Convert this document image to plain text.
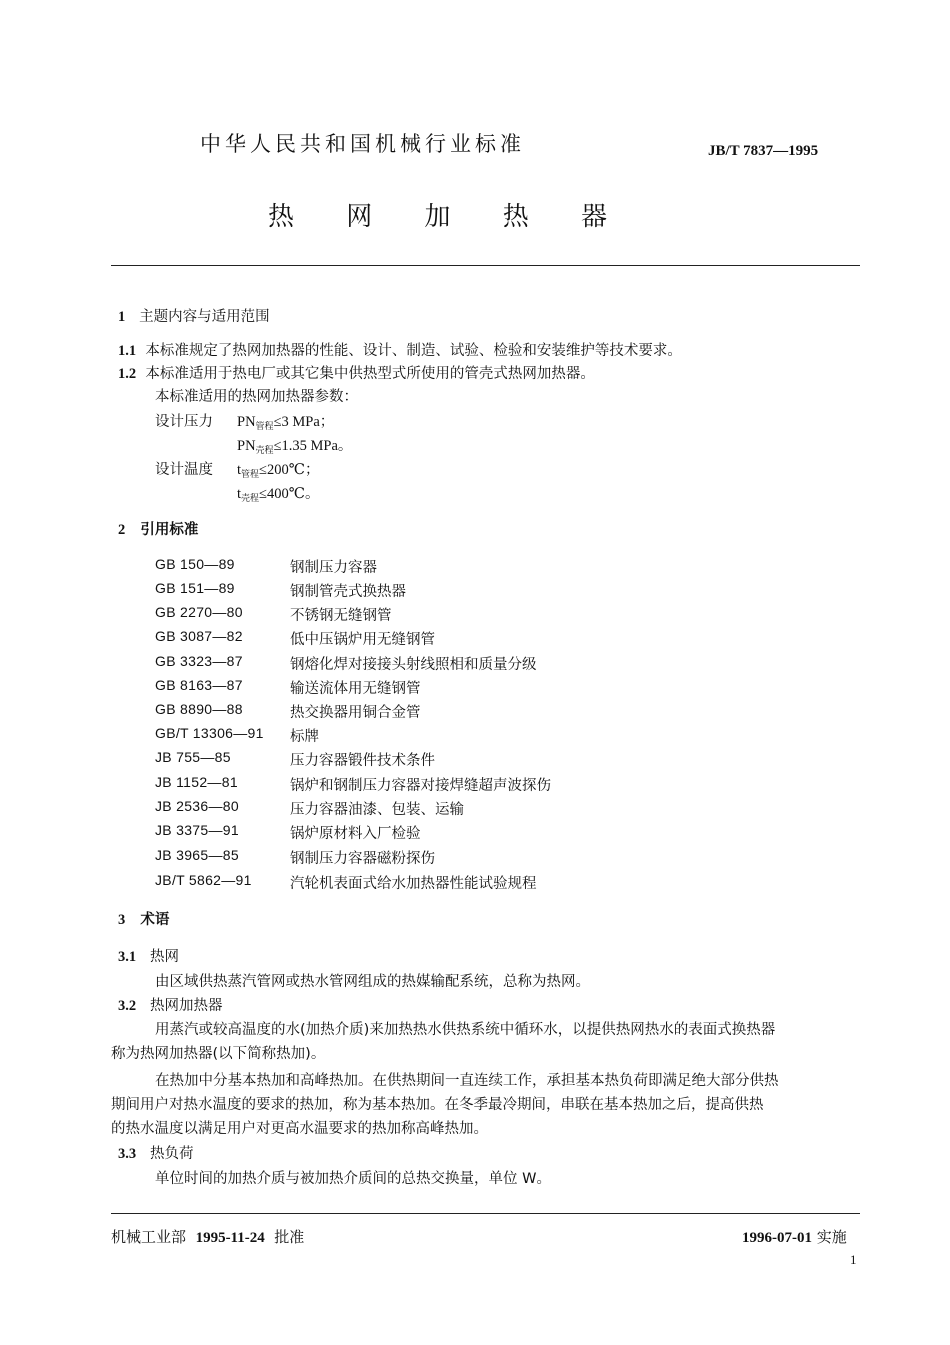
中华人民共和国机械行业标准	JB/T 7837—1995
热 网 加 热 器
1 主题内容与适用范围
1.1 本标准规定了热网加热器的性能、设计、制造、试验、检验和安装维护等技术要求。
1.2 本标准适用于热电厂或其它集中供热型式所使用的管壳式热网加热器。
本标准适用的热网加热器参数：
设计压力 $PN_{管程}\le 3$ MPa；
$PN_{壳程}\le 1.35$ MPa。
设计温度 $t_{管程}\le 200℃$；
$t_{壳程}\le 400℃$。
2 引用标准
GB 150—89	钢制压力容器
GB 151—89	钢制管壳式换热器
GB 2270—80	不锈钢无缝钢管
GB 3087—82	低中压锅炉用无缝钢管
GB 3323—87	钢熔化焊对接接头射线照相和质量分级
GB 8163—87	输送流体用无缝钢管
GB 8890—88	热交换器用铜合金管
GB/T 13306—91 标牌
JB 755—85	压力容器锻件技术条件
JB 1152—81	锅炉和钢制压力容器对接焊缝超声波探伤
JB 2536—80	压力容器油漆、包装、运输
JB 3375—91	锅炉原材料入厂检验
JB 3965—85	钢制压力容器磁粉探伤
JB/T 5862—91	汽轮机表面式给水加热器性能试验规程
3 术语
3.1 热网
由区域供热蒸汽管网或热水管网组成的热媒输配系统，总称为热网。
3.2 热网加热器
用蒸汽或较高温度的水(加热介质)来加热热水供热系统中循环水，以提供热网热水的表面式换热器
称为热网加热器(以下简称热加)。
在热加中分基本热加和高峰热加。在供热期间一直连续工作，承担基本热负荷即满足绝大部分供热
期间用户对热水温度的要求的热加，称为基本热加。在冬季最冷期间，串联在基本热加之后，提高供热
的热水温度以满足用户对更高水温要求的热加称高峰热加。
3.3 热负荷
单位时间的加热介质与被加热介质间的总热交换量，单位 W。
机械工业部 1995-11-24 批准	1996-07-01 实施
1
